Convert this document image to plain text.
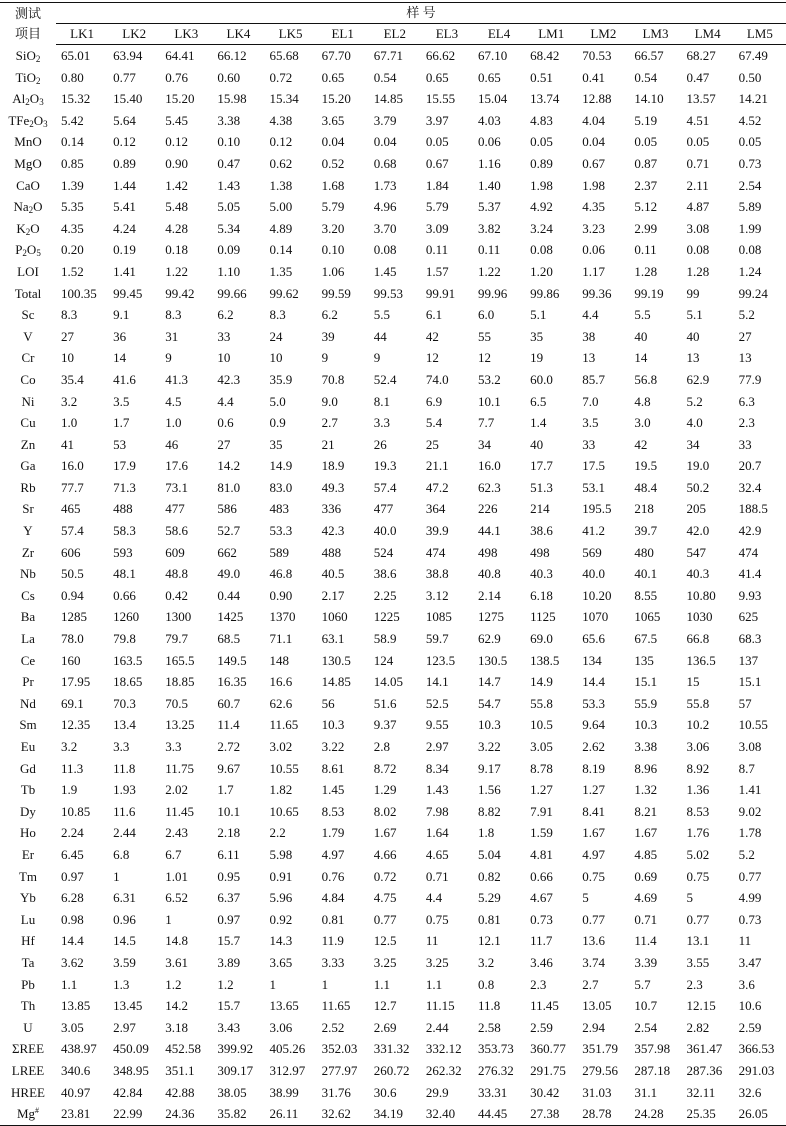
测试
项目	样 号													
	LK1	LK2	LK3	LK4	LK5	EL1	EL2	EL3	EL4	LM1	LM2	LM3	LM4	LM5
SiO$_2$	65.01	63.94	64.41	66.12	65.68	67.70	67.71	66.62	67.10	68.42	70.53	66.57	68.27	67.49
TiO$_2$	0.80	0.77	0.76	0.60	0.72	0.65	0.54	0.65	0.65	0.51	0.41	0.54	0.47	0.50
$Al_2O_3$	15.32	15.40	15.20	15.98	15.34	15.20	14.85	15.55	15.04	13.74	12.88	14.10	13.57	14.21
$TFe_2O_3$	5.42	5.64	5.45	3.38	4.38	3.65	3.79	3.97	4.03	4.83	4.04	5.19	4.51	4.52
MnO	0.14	0.12	0.12	0.10	0.12	0.04	0.04	0.05	0.06	0.05	0.04	0.05	0.05	0.05
MgO	0.85	0.89	0.90	0.47	0.62	0.52	0.68	0.67	1.16	0.89	0.67	0.87	0.71	0.73
CaO	1.39	1.44	1.42	1.43	1.38	1.68	1.73	1.84	1.40	1.98	1.98	2.37	2.11	2.54
$Na_2O$	5.35	5.41	5.48	5.05	5.00	5.79	4.96	5.79	5.37	4.92	4.35	5.12	4.87	5.89
$K_2O$	4.35	4.24	4.28	5.34	4.89	3.20	3.70	3.09	3.82	3.24	3.23	2.99	3.08	1.99
$P_2O_5$	0.20	0.19	0.18	0.09	0.14	0.10	0.08	0.11	0.11	0.08	0.06	0.11	0.08	0.08
LOI	1.52	1.41	1.22	1.10	1.35	1.06	1.45	1.57	1.22	1.20	1.17	1.28	1.28	1.24
Total	100.35	99.45	99.42	99.66	99.62	99.59	99.53	99.91	99.96	99.86	99.36	99.19	99	99.24
Sc	8.3	9.1	8.3	6.2	8.3	6.2	5.5	6.1	6.0	5.1	4.4	5.5	5.1	5.2
V	27	36	31	33	24	39	44	42	55	35	38	40	40	27
Cr	10	14	9	10	10	9	9	12	12	19	13	14	13	13
Co	35.4	41.6	41.3	42.3	35.9	70.8	52.4	74.0	53.2	60.0	85.7	56.8	62.9	77.9
Ni	3.2	3.5	4.5	4.4	5.0	9.0	8.1	6.9	10.1	6.5	7.0	4.8	5.2	6.3
Cu	1.0	1.7	1.0	0.6	0.9	2.7	3.3	5.4	7.7	1.4	3.5	3.0	4.0	2.3
Zn	41	53	46	27	35	21	26	25	34	40	33	42	34	33
Ga	16.0	17.9	17.6	14.2	14.9	18.9	19.3	21.1	16.0	17.7	17.5	19.5	19.0	20.7
Rb	77.7	71.3	73.1	81.0	83.0	49.3	57.4	47.2	62.3	51.3	53.1	48.4	50.2	32.4
Sr	465	488	477	586	483	336	477	364	226	214	195.5	218	205	188.5
Y	57.4	58.3	58.6	52.7	53.3	42.3	40.0	39.9	44.1	38.6	41.2	39.7	42.0	42.9
Zr	606	593	609	662	589	488	524	474	498	498	569	480	547	474
Nb	50.5	48.1	48.8	49.0	46.8	40.5	38.6	38.8	40.8	40.3	40.0	40.1	40.3	41.4
Cs	0.94	0.66	0.42	0.44	0.90	2.17	2.25	3.12	2.14	6.18	10.20	8.55	10.80	9.93
Ba	1285	1260	1300	1425	1370	1060	1225	1085	1275	1125	1070	1065	1030	625
La	78.0	79.8	79.7	68.5	71.1	63.1	58.9	59.7	62.9	69.0	65.6	67.5	66.8	68.3
Ce	160	163.5	165.5	149.5	148	130.5	124	123.5	130.5	138.5	134	135	136.5	137
Pr	17.95	18.65	18.85	16.35	16.6	14.85	14.05	14.1	14.7	14.9	14.4	15.1	15	15.1
Nd	69.1	70.3	70.5	60.7	62.6	56	51.6	52.5	54.7	55.8	53.3	55.9	55.8	57
Sm	12.35	13.4	13.25	11.4	11.65	10.3	9.37	9.55	10.3	10.5	9.64	10.3	10.2	10.55
Eu	3.2	3.3	3.3	2.72	3.02	3.22	2.8	2.97	3.22	3.05	2.62	3.38	3.06	3.08
Gd	11.3	11.8	11.75	9.67	10.55	8.61	8.72	8.34	9.17	8.78	8.19	8.96	8.92	8.7
Tb	1.9	1.93	2.02	1.7	1.82	1.45	1.29	1.43	1.56	1.27	1.27	1.32	1.36	1.41
Dy	10.85	11.6	11.45	10.1	10.65	8.53	8.02	7.98	8.82	7.91	8.41	8.21	8.53	9.02
Ho	2.24	2.44	2.43	2.18	2.2	1.79	1.67	1.64	1.8	1.59	1.67	1.67	1.76	1.78
Er	6.45	6.8	6.7	6.11	5.98	4.97	4.66	4.65	5.04	4.81	4.97	4.85	5.02	5.2
Tm	0.97	1	1.01	0.95	0.91	0.76	0.72	0.71	0.82	0.66	0.75	0.69	0.75	0.77
Yb	6.28	6.31	6.52	6.37	5.96	4.84	4.75	4.4	5.29	4.67	5	4.69	5	4.99
Lu	0.98	0.96	1	0.97	0.92	0.81	0.77	0.75	0.81	0.73	0.77	0.71	0.77	0.73
Hf	14.4	14.5	14.8	15.7	14.3	11.9	12.5	11	12.1	11.7	13.6	11.4	13.1	11
Ta	3.62	3.59	3.61	3.89	3.65	3.33	3.25	3.25	3.2	3.46	3.74	3.39	3.55	3.47
Pb	1.1	1.3	1.2	1.2	1	1	1.1	1.1	0.8	2.3	2.7	5.7	2.3	3.6
Th	13.85	13.45	14.2	15.7	13.65	11.65	12.7	11.15	11.8	11.45	13.05	10.7	12.15	10.6
U	3.05	2.97	3.18	3.43	3.06	2.52	2.69	2.44	2.58	2.59	2.94	2.54	2.82	2.59
ΣREE	438.97	450.09	452.58	399.92	405.26	352.03	331.32	332.12	353.73	360.77	351.79	357.98	361.47	366.53
LREE	340.6	348.95	351.1	309.17	312.97	277.97	260.72	262.32	276.32	291.75	279.56	287.18	287.36	291.03
HREE	40.97	42.84	42.88	38.05	38.99	31.76	30.6	29.9	33.31	30.42	31.03	31.1	32.11	32.6
Mg#	23.81	22.99	24.36	35.82	26.11	32.62	34.19	32.40	44.45	27.38	28.78	24.28	25.35	26.05
